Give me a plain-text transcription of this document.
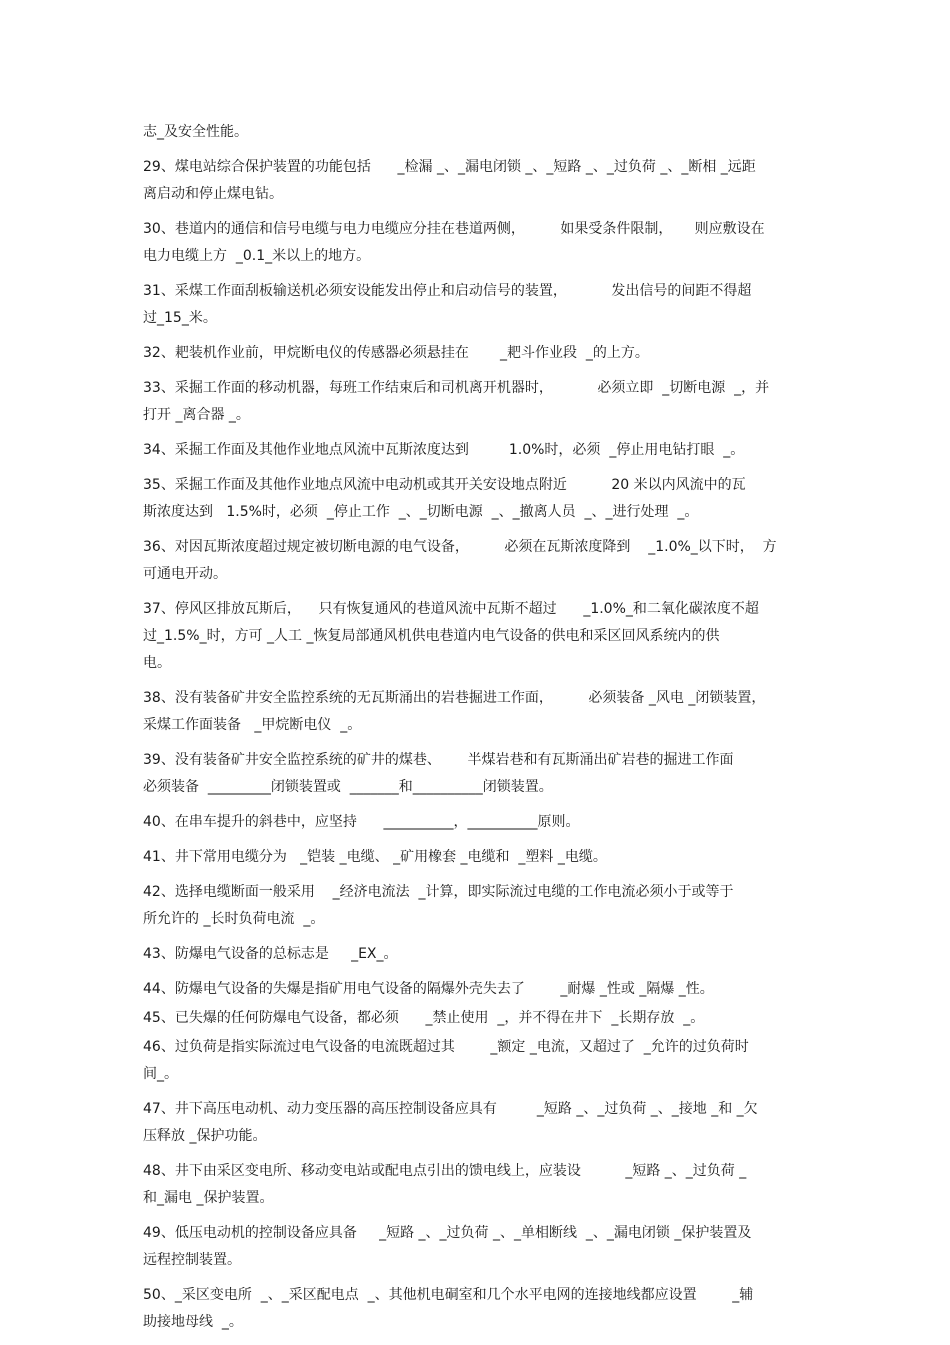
志_及安全性能。

29、煤电站综合保护装置的功能包括      _检漏 _、_漏电闭锁 _、_短路 _、_过负荷 _、_断相 _远距
离启动和停止煤电钻。

30、巷道内的通信和信号电缆与电力电缆应分挂在巷道两侧，        如果受条件限制，     则应敷设在
电力电缆上方  _0.1_米以上的地方。

31、采煤工作面刮板输送机必须安设能发出停止和启动信号的装置，          发出信号的间距不得超
过_15_米。

32、耙装机作业前，甲烷断电仪的传感器必须悬挂在       _耙斗作业段  _的上方。

33、采掘工作面的移动机器，每班工作结束后和司机离开机器时，          必须立即  _切断电源  _，并
打开 _离合器 _。

34、采掘工作面及其他作业地点风流中瓦斯浓度达到         1.0%时，必须  _停止用电钻打眼  _。

35、采掘工作面及其他作业地点风流中电动机或其开关安设地点附近          20 米以内风流中的瓦
斯浓度达到   1.5%时，必须  _停止工作  _、_切断电源  _、_撤离人员  _、_进行处理  _。

36、对因瓦斯浓度超过规定被切断电源的电气设备，        必须在瓦斯浓度降到    _1.0%_以下时，  方
可通电开动。

37、停风区排放瓦斯后，    只有恢复通风的巷道风流中瓦斯不超过      _1.0%_和二氧化碳浓度不超
过_1.5%_时，方可 _人工 _恢复局部通风机供电巷道内电气设备的供电和采区回风系统内的供
电。

38、没有装备矿井安全监控系统的无瓦斯涌出的岩巷掘进工作面，        必须装备 _风电 _闭锁装置，
采煤工作面装备   _甲烷断电仪  _。

39、没有装备矿井安全监控系统的矿井的煤巷、      半煤岩巷和有瓦斯涌出矿岩巷的掘进工作面
必须装备  _________闭锁装置或  _______和__________闭锁装置。

40、在串车提升的斜巷中，应坚持      __________，__________原则。

41、井下常用电缆分为   _铠装 _电缆、 _矿用橡套 _电缆和  _塑料 _电缆。

42、选择电缆断面一般采用    _经济电流法  _计算，即实际流过电缆的工作电流必须小于或等于
所允许的 _长时负荷电流  _。

43、防爆电气设备的总标志是     _EX_。

44、防爆电气设备的失爆是指矿用电气设备的隔爆外壳失去了        _耐爆 _性或 _隔爆 _性。

45、已失爆的任何防爆电气设备，都必须      _禁止使用  _，并不得在井下  _长期存放  _。

46、过负荷是指实际流过电气设备的电流既超过其        _额定 _电流，又超过了  _允许的过负荷时
间_。

47、井下高压电动机、动力变压器的高压控制设备应具有         _短路 _、_过负荷 _、_接地 _和 _欠
压释放 _保护功能。

48、井下由采区变电所、移动变电站或配电点引出的馈电线上，应装设          _短路 _、_过负荷 _
和_漏电 _保护装置。

49、低压电动机的控制设备应具备     _短路 _、_过负荷 _、_单相断线  _、_漏电闭锁 _保护装置及
远程控制装置。

50、_采区变电所  _、_采区配电点  _、其他机电硐室和几个水平电网的连接地线都应设置        _辅
助接地母线  _。
